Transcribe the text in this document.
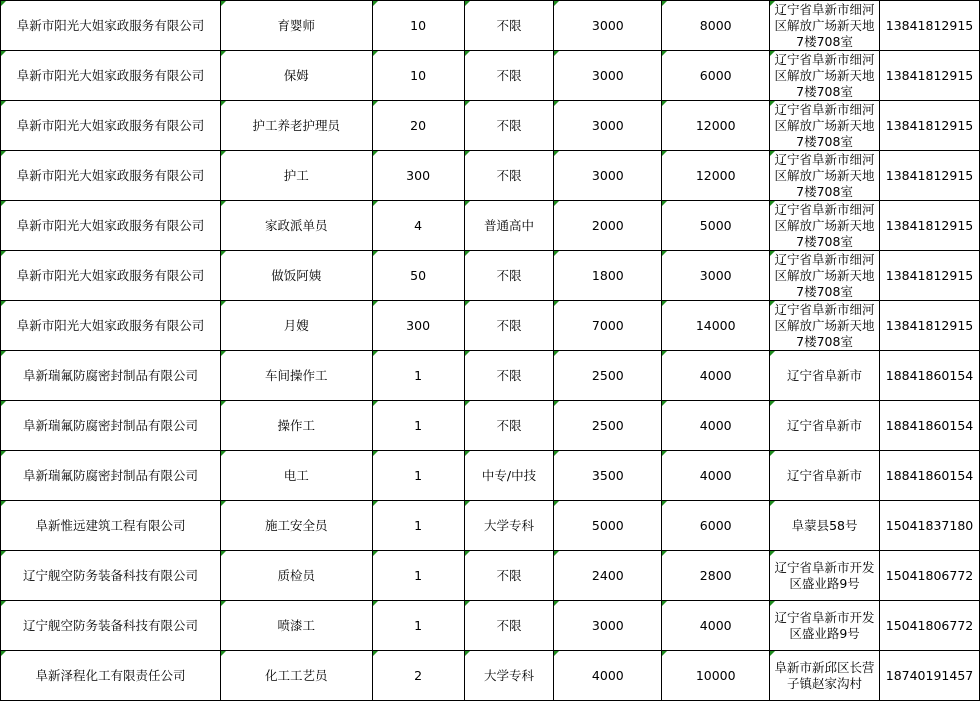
阜新市阳光大姐家政服务有限公司	育婴师	10	不限	3000	8000	辽宁省阜新市细河区解放广场新天地7楼708室	13841812915
阜新市阳光大姐家政服务有限公司	保姆	10	不限	3000	6000	辽宁省阜新市细河区解放广场新天地7楼708室	13841812915
阜新市阳光大姐家政服务有限公司	护工养老护理员	20	不限	3000	12000	辽宁省阜新市细河区解放广场新天地7楼708室	13841812915
阜新市阳光大姐家政服务有限公司	护工	300	不限	3000	12000	辽宁省阜新市细河区解放广场新天地7楼708室	13841812915
阜新市阳光大姐家政服务有限公司	家政派单员	4	普通高中	2000	5000	辽宁省阜新市细河区解放广场新天地7楼708室	13841812915
阜新市阳光大姐家政服务有限公司	做饭阿姨	50	不限	1800	3000	辽宁省阜新市细河区解放广场新天地7楼708室	13841812915
阜新市阳光大姐家政服务有限公司	月嫂	300	不限	7000	14000	辽宁省阜新市细河区解放广场新天地7楼708室	13841812915
阜新瑞氟防腐密封制品有限公司	车间操作工	1	不限	2500	4000	辽宁省阜新市	18841860154
阜新瑞氟防腐密封制品有限公司	操作工	1	不限	2500	4000	辽宁省阜新市	18841860154
阜新瑞氟防腐密封制品有限公司	电工	1	中专/中技	3500	4000	辽宁省阜新市	18841860154
阜新惟远建筑工程有限公司	施工安全员	1	大学专科	5000	6000	阜蒙县58号	15041837180
辽宁舰空防务装备科技有限公司	质检员	1	不限	2400	2800	辽宁省阜新市开发区盛业路9号	15041806772
辽宁舰空防务装备科技有限公司	喷漆工	1	不限	3000	4000	辽宁省阜新市开发区盛业路9号	15041806772
阜新泽程化工有限责任公司	化工工艺员	2	大学专科	4000	10000	阜新市新邱区长营子镇赵家沟村	18740191457
